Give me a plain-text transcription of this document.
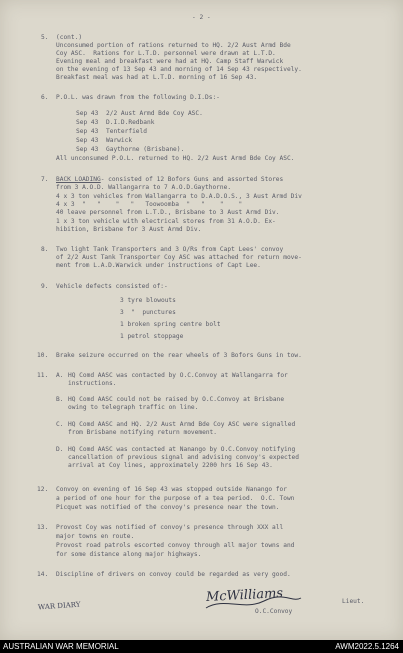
- 2 -
5. (cont.)
Unconsumed portion of rations returned to HQ. 2/2 Aust Armd Bde
Coy ASC.  Rations for L.T.D. personnel were drawn at L.T.D.
Evening meal and breakfast were had at HQ. Camp Staff Warwick
on the evening of 13 Sep 43 and morning of 14 Sep 43 respectively.
Breakfast meal was had at L.T.D. morning of 16 Sep 43.
6. P.O.L. was drawn from the following D.I.Ds:-
Sep 43 2/2 Aust Armd Bde Coy ASC.
Sep 43 D.I.D.Redbank
Sep 43 Tenterfield
Sep 43 Warwick
Sep 43 Gaythorne (Brisbane).
All unconsumed P.O.L. returned to HQ. 2/2 Aust Armd Bde Coy ASC.
7. BACK LOADING
- consisted of 12 Bofors Guns and assorted Stores
from 3 A.O.D. Wallangarra to 7 A.O.D.Gaythorne.
4 x 3 ton vehicles from Wallangarra to D.A.D.O.S., 3 Aust Armd Div
4 x 3  "   "    "   "   Toowoomba  "   "    "    "
40 leave personnel from L.T.D., Brisbane to 3 Aust Armd Div.
1 x 3 ton vehicle with electrical stores from 31 A.O.D. Ex-
hibition, Brisbane for 3 Aust Armd Div.
8. Two light Tank Transporters and 3 O/Rs from Capt Lees' convoy
of 2/2 Aust Tank Transporter Coy ASC was attached for return move-
ment from L.A.D.Warwick under instructions of Capt Lee.
9. Vehicle defects consisted of:-
3 tyre blowouts
3  "  punctures
1 broken spring centre bolt
1 petrol stoppage
10. Brake seizure occurred on the rear wheels of 3 Bofors Guns in tow.
11. A. HQ Comd AASC was contacted by O.C.Convoy at Wallangarra for
instructions.
B. HQ Comd AASC could not be raised by O.C.Convoy at Brisbane
owing to telegraph traffic on line.
C. HQ Comd AASC and HQ. 2/2 Aust Armd Bde Coy ASC were signalled
from Brisbane notifying return movement.
D. HQ Comd AASC was contacted at Nanango by O.C.Convoy notifying
cancellation of previous signal and advising convoy's expected
arrival at Coy lines, approximately 2200 hrs 16 Sep 43.
12. Convoy on evening of 16 Sep 43 was stopped outside Nanango for
a period of one hour for the purpose of a tea period.  O.C. Town
Picquet was notified of the convoy's presence near the town.
13. Provost Coy was notified of convoy's presence through XXX all
major towns en route.
Provost road patrols escorted convoy through all major towns and
for some distance along major highways.
14. Discipline of drivers on convoy could be regarded as very good.
McWilliams	Lieut.
O.C.Convoy
WAR DIARY
AUSTRALIAN WAR MEMORIAL	AWM2022.5.1264
